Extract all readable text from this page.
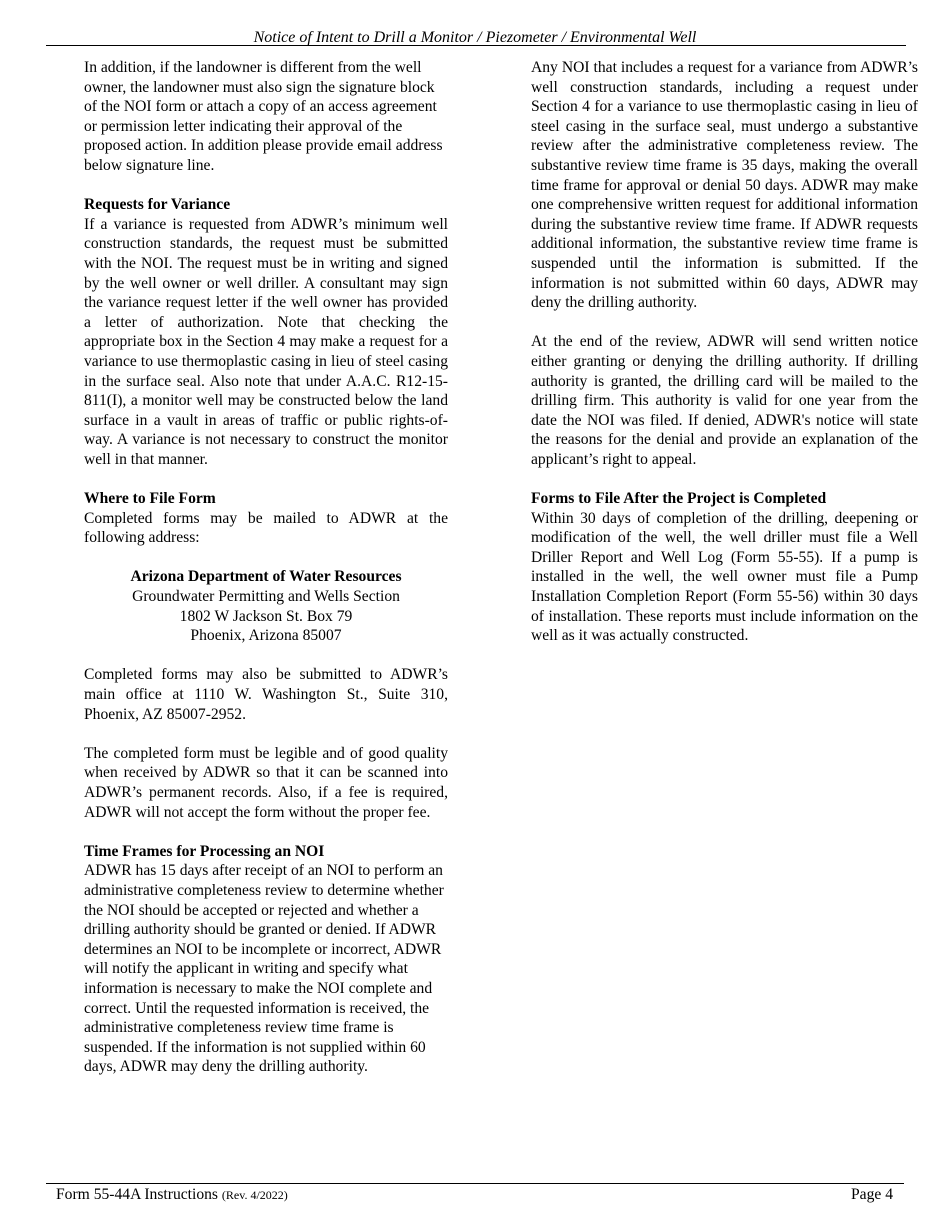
Notice of Intent to Drill a Monitor / Piezometer / Environmental Well

In addition, if the landowner is different from the well owner, the landowner must also sign the signature block of the NOI form or attach a copy of an access agreement or permission letter indicating their approval of the proposed action. In addition please provide email address below signature line.

Requests for Variance

If a variance is requested from ADWR’s minimum well construction standards, the request must be submitted with the NOI. The request must be in writing and signed by the well owner or well driller. A consultant may sign the variance request letter if the well owner has provided a letter of authorization. Note that checking the appropriate box in the Section 4 may make a request for a variance to use thermoplastic casing in lieu of steel casing in the surface seal. Also note that under A.A.C. R12-15-811(I), a monitor well may be constructed below the land surface in a vault in areas of traffic or public rights-of-way. A variance is not necessary to construct the monitor well in that manner.

Where to File Form

Completed forms may be mailed to ADWR at the following address:

Arizona Department of Water Resources

Groundwater Permitting and Wells Section

1802 W Jackson St. Box 79

Phoenix, Arizona 85007

Completed forms may also be submitted to ADWR’s main office at 1110 W. Washington St., Suite 310, Phoenix, AZ 85007-2952.

The completed form must be legible and of good quality when received by ADWR so that it can be scanned into ADWR’s permanent records. Also, if a fee is required, ADWR will not accept the form without the proper fee.

Time Frames for Processing an NOI

ADWR has 15 days after receipt of an NOI to perform an administrative completeness review to determine whether the NOI should be accepted or rejected and whether a drilling authority should be granted or denied. If ADWR determines an NOI to be incomplete or incorrect, ADWR will notify the applicant in writing and specify what information is necessary to make the NOI complete and correct. Until the requested information is received, the administrative completeness review time frame is suspended. If the information is not supplied within 60 days, ADWR may deny the drilling authority.

Any NOI that includes a request for a variance from ADWR’s well construction standards, including a request under Section 4 for a variance to use thermoplastic casing in lieu of steel casing in the surface seal, must undergo a substantive review after the administrative completeness review. The substantive review time frame is 35 days, making the overall time frame for approval or denial 50 days. ADWR may make one comprehensive written request for additional information during the substantive review time frame. If ADWR requests additional information, the substantive review time frame is suspended until the information is submitted. If the information is not submitted within 60 days, ADWR may deny the drilling authority.

At the end of the review, ADWR will send written notice either granting or denying the drilling authority. If drilling authority is granted, the drilling card will be mailed to the drilling firm. This authority is valid for one year from the date the NOI was filed. If denied, ADWR's notice will state the reasons for the denial and provide an explanation of the applicant’s right to appeal.

Forms to File After the Project is Completed

Within 30 days of completion of the drilling, deepening or modification of the well, the well driller must file a Well Driller Report and Well Log (Form 55-55). If a pump is installed in the well, the well owner must file a Pump Installation Completion Report (Form 55-56) within 30 days of installation. These reports must include information on the well as it was actually constructed.

Form 55-44A Instructions (Rev. 4/2022)	Page 4
